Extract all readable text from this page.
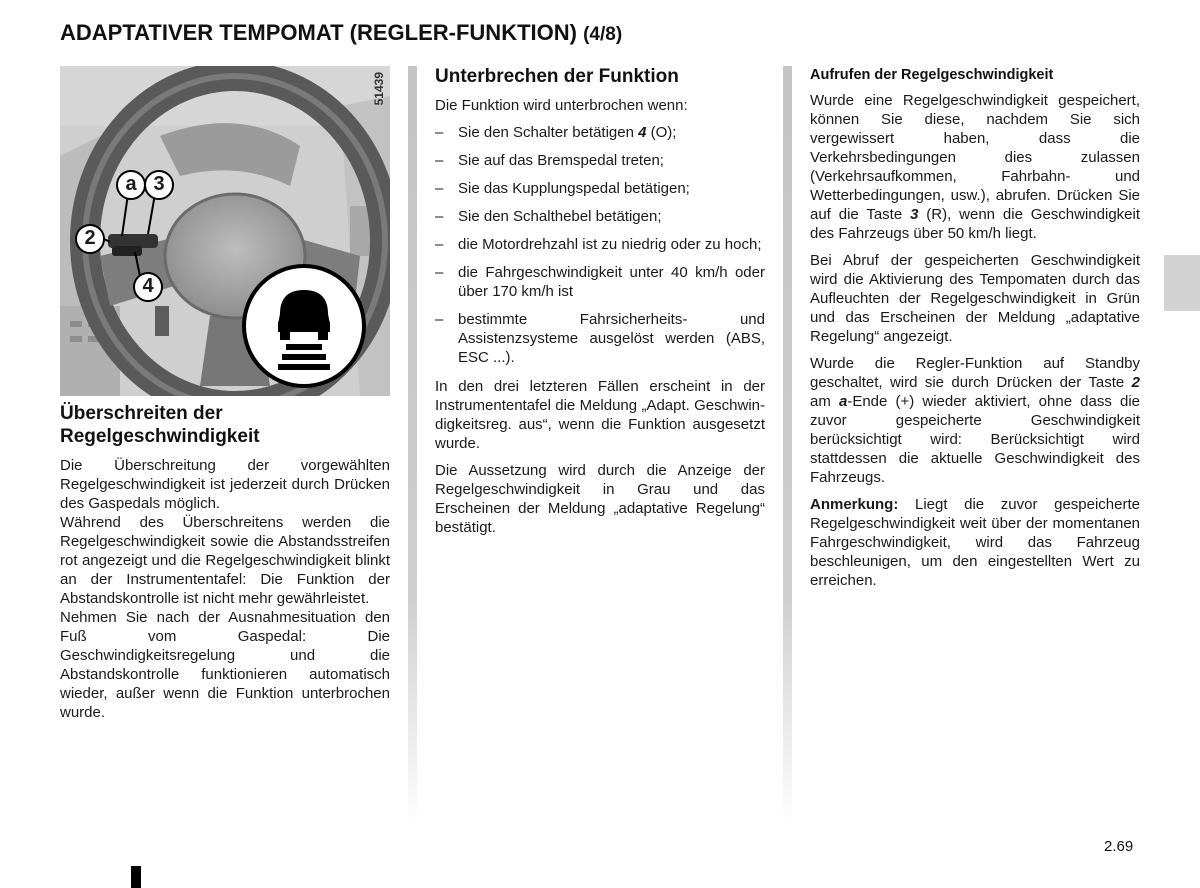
ADAPTATIVER TEMPOMAT (REGLER-FUNKTION) (4/8)
51439
a 3
2
4
Überschreiten der
Regelgeschwindigkeit

Die Überschreitung der vorgewählten Regelgeschwindigkeit ist jederzeit durch Drücken des Gaspedals möglich.

Während des Überschreitens werden die Regelgeschwindigkeit sowie die Abstandsstreifen rot angezeigt und die Regelgeschwindigkeit blinkt an der Instrumententafel: Die Funktion der Abstandskontrolle ist nicht mehr gewährleistet.

Nehmen Sie nach der Ausnahmesituation den Fuß vom Gaspedal: Die Geschwindigkeitsregelung und die Abstandskontrolle funktionieren automatisch wieder, außer wenn die Funktion unterbrochen wurde.

Unterbrechen der Funktion

Die Funktion wird unterbrochen wenn:

– Sie den Schalter betätigen 4 (O);
– Sie auf das Bremspedal treten;
– Sie das Kupplungspedal betätigen;
– Sie den Schalthebel betätigen;
– die Motordrehzahl ist zu niedrig oder zu hoch;
– die Fahrgeschwindigkeit unter 40 km/h oder über 170 km/h ist
– bestimmte Fahrsicherheits- und Assistenzsysteme ausgelöst werden (ABS, ESC ...).

In den drei letzteren Fällen erscheint in der Instrumententafel die Meldung „Adapt. Geschwin-digkeitsreg. aus“, wenn die Funktion ausgesetzt wurde.

Die Aussetzung wird durch die Anzeige der Regelgeschwindigkeit in Grau und das Erscheinen der Meldung „adaptative Regelung“ bestätigt.

Aufrufen der Regelgeschwindigkeit

Wurde eine Regelgeschwindigkeit gespeichert, können Sie diese, nachdem Sie sich vergewissert haben, dass die Verkehrsbedingungen dies zulassen (Verkehrsaufkommen, Fahrbahn- und Wetterbedingungen, usw.), abrufen. Drücken Sie auf die Taste 3 (R), wenn die Geschwindigkeit des Fahrzeugs über 50 km/h liegt.

Bei Abruf der gespeicherten Geschwindigkeit wird die Aktivierung des Tempomaten durch das Aufleuchten der Regelgeschwindigkeit in Grün und das Erscheinen der Meldung „adaptative Regelung“ angezeigt.

Wurde die Regler-Funktion auf Standby geschaltet, wird sie durch Drücken der Taste 2 am a-Ende (+) wieder aktiviert, ohne dass die zuvor gespeicherte Geschwindigkeit berücksichtigt wird: Berücksichtigt wird stattdessen die aktuelle Geschwindigkeit des Fahrzeugs.

Anmerkung: Liegt die zuvor gespeicherte Regelgeschwindigkeit weit über der momentanen Fahrgeschwindigkeit, wird das Fahrzeug beschleunigen, um den eingestellten Wert zu erreichen.

2.69
